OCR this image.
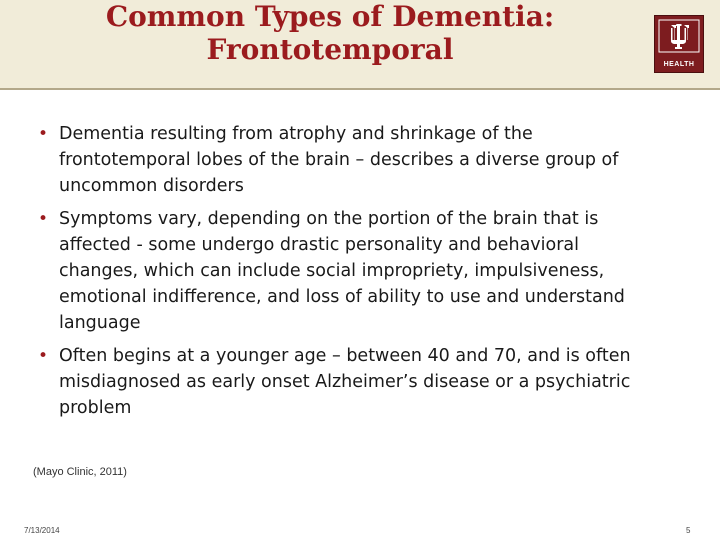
Common Types of Dementia:
Frontotemporal	HEALTH
• Dementia resulting from atrophy and shrinkage of the frontotemporal lobes of the brain – describes a diverse group of uncommon disorders
• Symptoms vary, depending on the portion of the brain that is affected - some undergo drastic personality and behavioral changes, which can include social impropriety, impulsiveness, emotional indifference, and loss of ability to use and understand language
• Often begins at a younger age – between 40 and 70, and is often misdiagnosed as early onset Alzheimer’s disease or a psychiatric problem
(Mayo Clinic, 2011)
7/13/2014	5
